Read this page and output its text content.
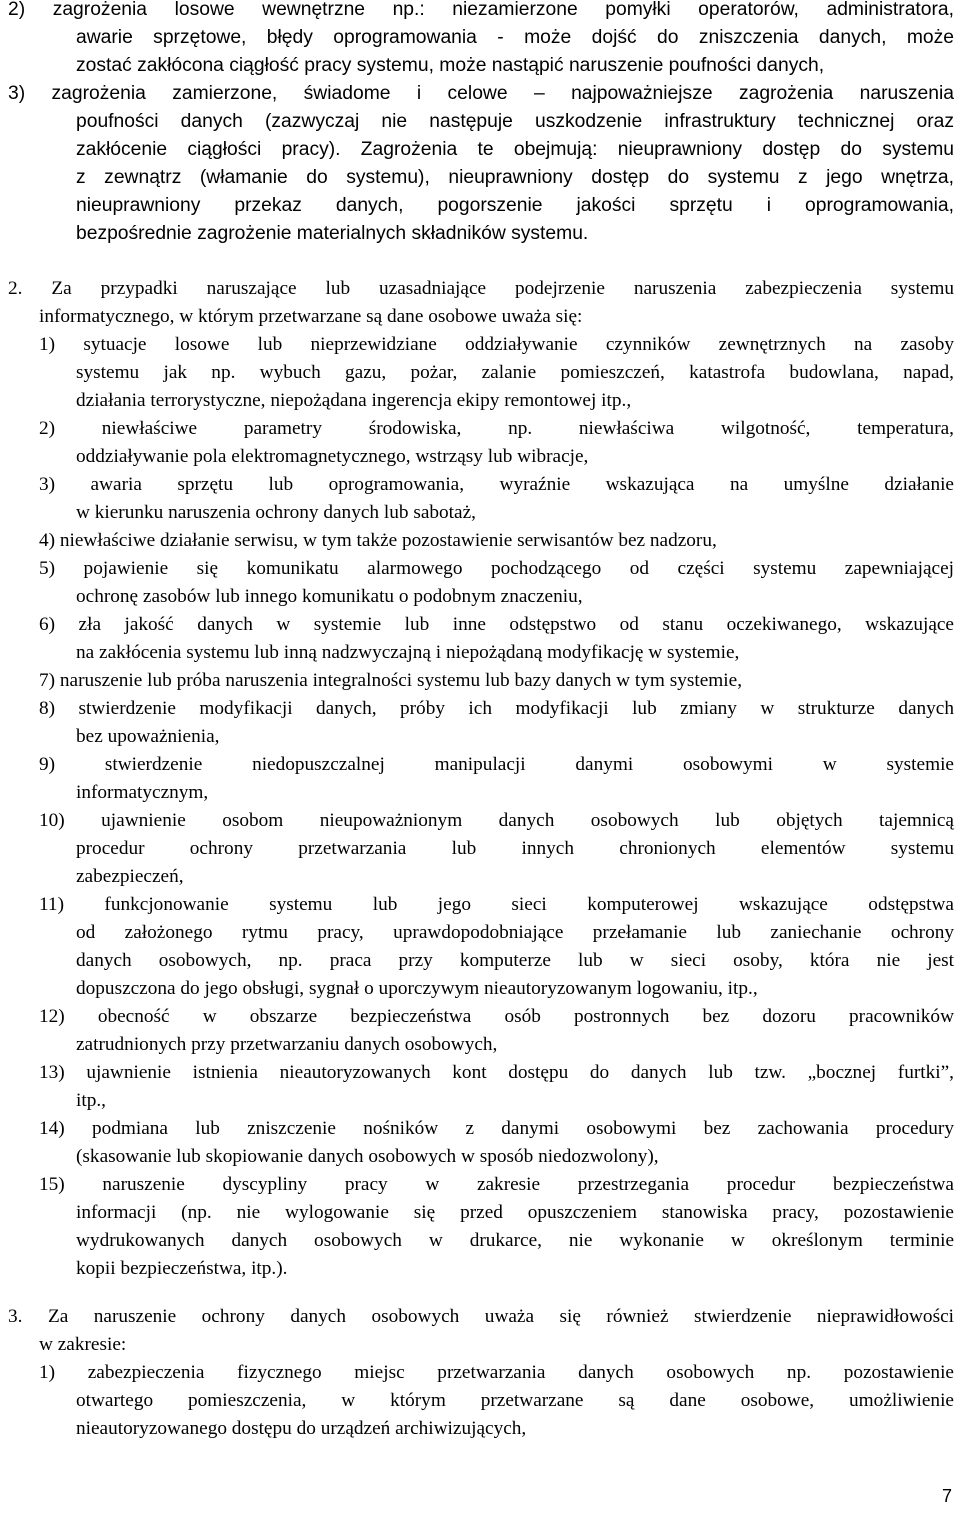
2) zagrożenia losowe wewnętrzne np.: niezamierzone pomyłki operatorów, administratora,
awarie sprzętowe, błędy oprogramowania - może dojść do zniszczenia danych, może
zostać zakłócona ciągłość pracy systemu, może nastąpić naruszenie poufności danych,
3) zagrożenia zamierzone, świadome i celowe – najpoważniejsze zagrożenia naruszenia
poufności danych (zazwyczaj nie następuje uszkodzenie infrastruktury technicznej oraz
zakłócenie ciągłości pracy). Zagrożenia te obejmują: nieuprawniony dostęp do systemu
z zewnątrz (włamanie do systemu), nieuprawniony dostęp do systemu z jego wnętrza,
nieuprawniony przekaz danych, pogorszenie jakości sprzętu i oprogramowania,
bezpośrednie zagrożenie materialnych składników systemu.
2. Za przypadki naruszające lub uzasadniające podejrzenie naruszenia zabezpieczenia systemu
informatycznego, w którym przetwarzane są dane osobowe uważa się:
1) sytuacje losowe lub nieprzewidziane oddziaływanie czynników zewnętrznych na zasoby
systemu jak np. wybuch gazu, pożar, zalanie pomieszczeń, katastrofa budowlana, napad,
działania terrorystyczne, niepożądana ingerencja ekipy remontowej itp.,
2) niewłaściwe parametry środowiska, np. niewłaściwa wilgotność, temperatura,
oddziaływanie pola elektromagnetycznego, wstrząsy lub wibracje,
3) awaria sprzętu lub oprogramowania, wyraźnie wskazująca na umyślne działanie
w kierunku naruszenia ochrony danych lub sabotaż,
4) niewłaściwe działanie serwisu, w tym także pozostawienie serwisantów bez nadzoru,
5) pojawienie się komunikatu alarmowego pochodzącego od części systemu zapewniającej
ochronę zasobów lub innego komunikatu o podobnym znaczeniu,
6) zła jakość danych w systemie lub inne odstępstwo od stanu oczekiwanego, wskazujące
na zakłócenia systemu lub inną nadzwyczajną i niepożądaną modyfikację w systemie,
7) naruszenie lub próba naruszenia integralności systemu lub bazy danych w tym systemie,
8) stwierdzenie modyfikacji danych, próby ich modyfikacji lub zmiany w strukturze danych
bez upoważnienia,
9) stwierdzenie niedopuszczalnej manipulacji danymi osobowymi w systemie
informatycznym,
10) ujawnienie osobom nieupoważnionym danych osobowych lub objętych tajemnicą
procedur ochrony przetwarzania lub innych chronionych elementów systemu
zabezpieczeń,
11) funkcjonowanie systemu lub jego sieci komputerowej wskazujące odstępstwa
od założonego rytmu pracy, uprawdopodobniające przełamanie lub zaniechanie ochrony
danych osobowych, np. praca przy komputerze lub w sieci osoby, która nie jest
dopuszczona do jego obsługi, sygnał o uporczywym nieautoryzowanym logowaniu, itp.,
12) obecność w obszarze bezpieczeństwa osób postronnych bez dozoru pracowników
zatrudnionych przy przetwarzaniu danych osobowych,
13) ujawnienie istnienia nieautoryzowanych kont dostępu do danych lub tzw. „bocznej furtki”,
itp.,
14) podmiana lub zniszczenie nośników z danymi osobowymi bez zachowania procedury
(skasowanie lub skopiowanie danych osobowych w sposób niedozwolony),
15) naruszenie dyscypliny pracy w zakresie przestrzegania procedur bezpieczeństwa
informacji (np. nie wylogowanie się przed opuszczeniem stanowiska pracy, pozostawienie
wydrukowanych danych osobowych w drukarce, nie wykonanie w określonym terminie
kopii bezpieczeństwa, itp.).
3. Za naruszenie ochrony danych osobowych uważa się również stwierdzenie nieprawidłowości
w zakresie:
1) zabezpieczenia fizycznego miejsc przetwarzania danych osobowych np. pozostawienie
otwartego pomieszczenia, w którym przetwarzane są dane osobowe, umożliwienie
nieautoryzowanego dostępu do urządzeń archiwizujących,
7
